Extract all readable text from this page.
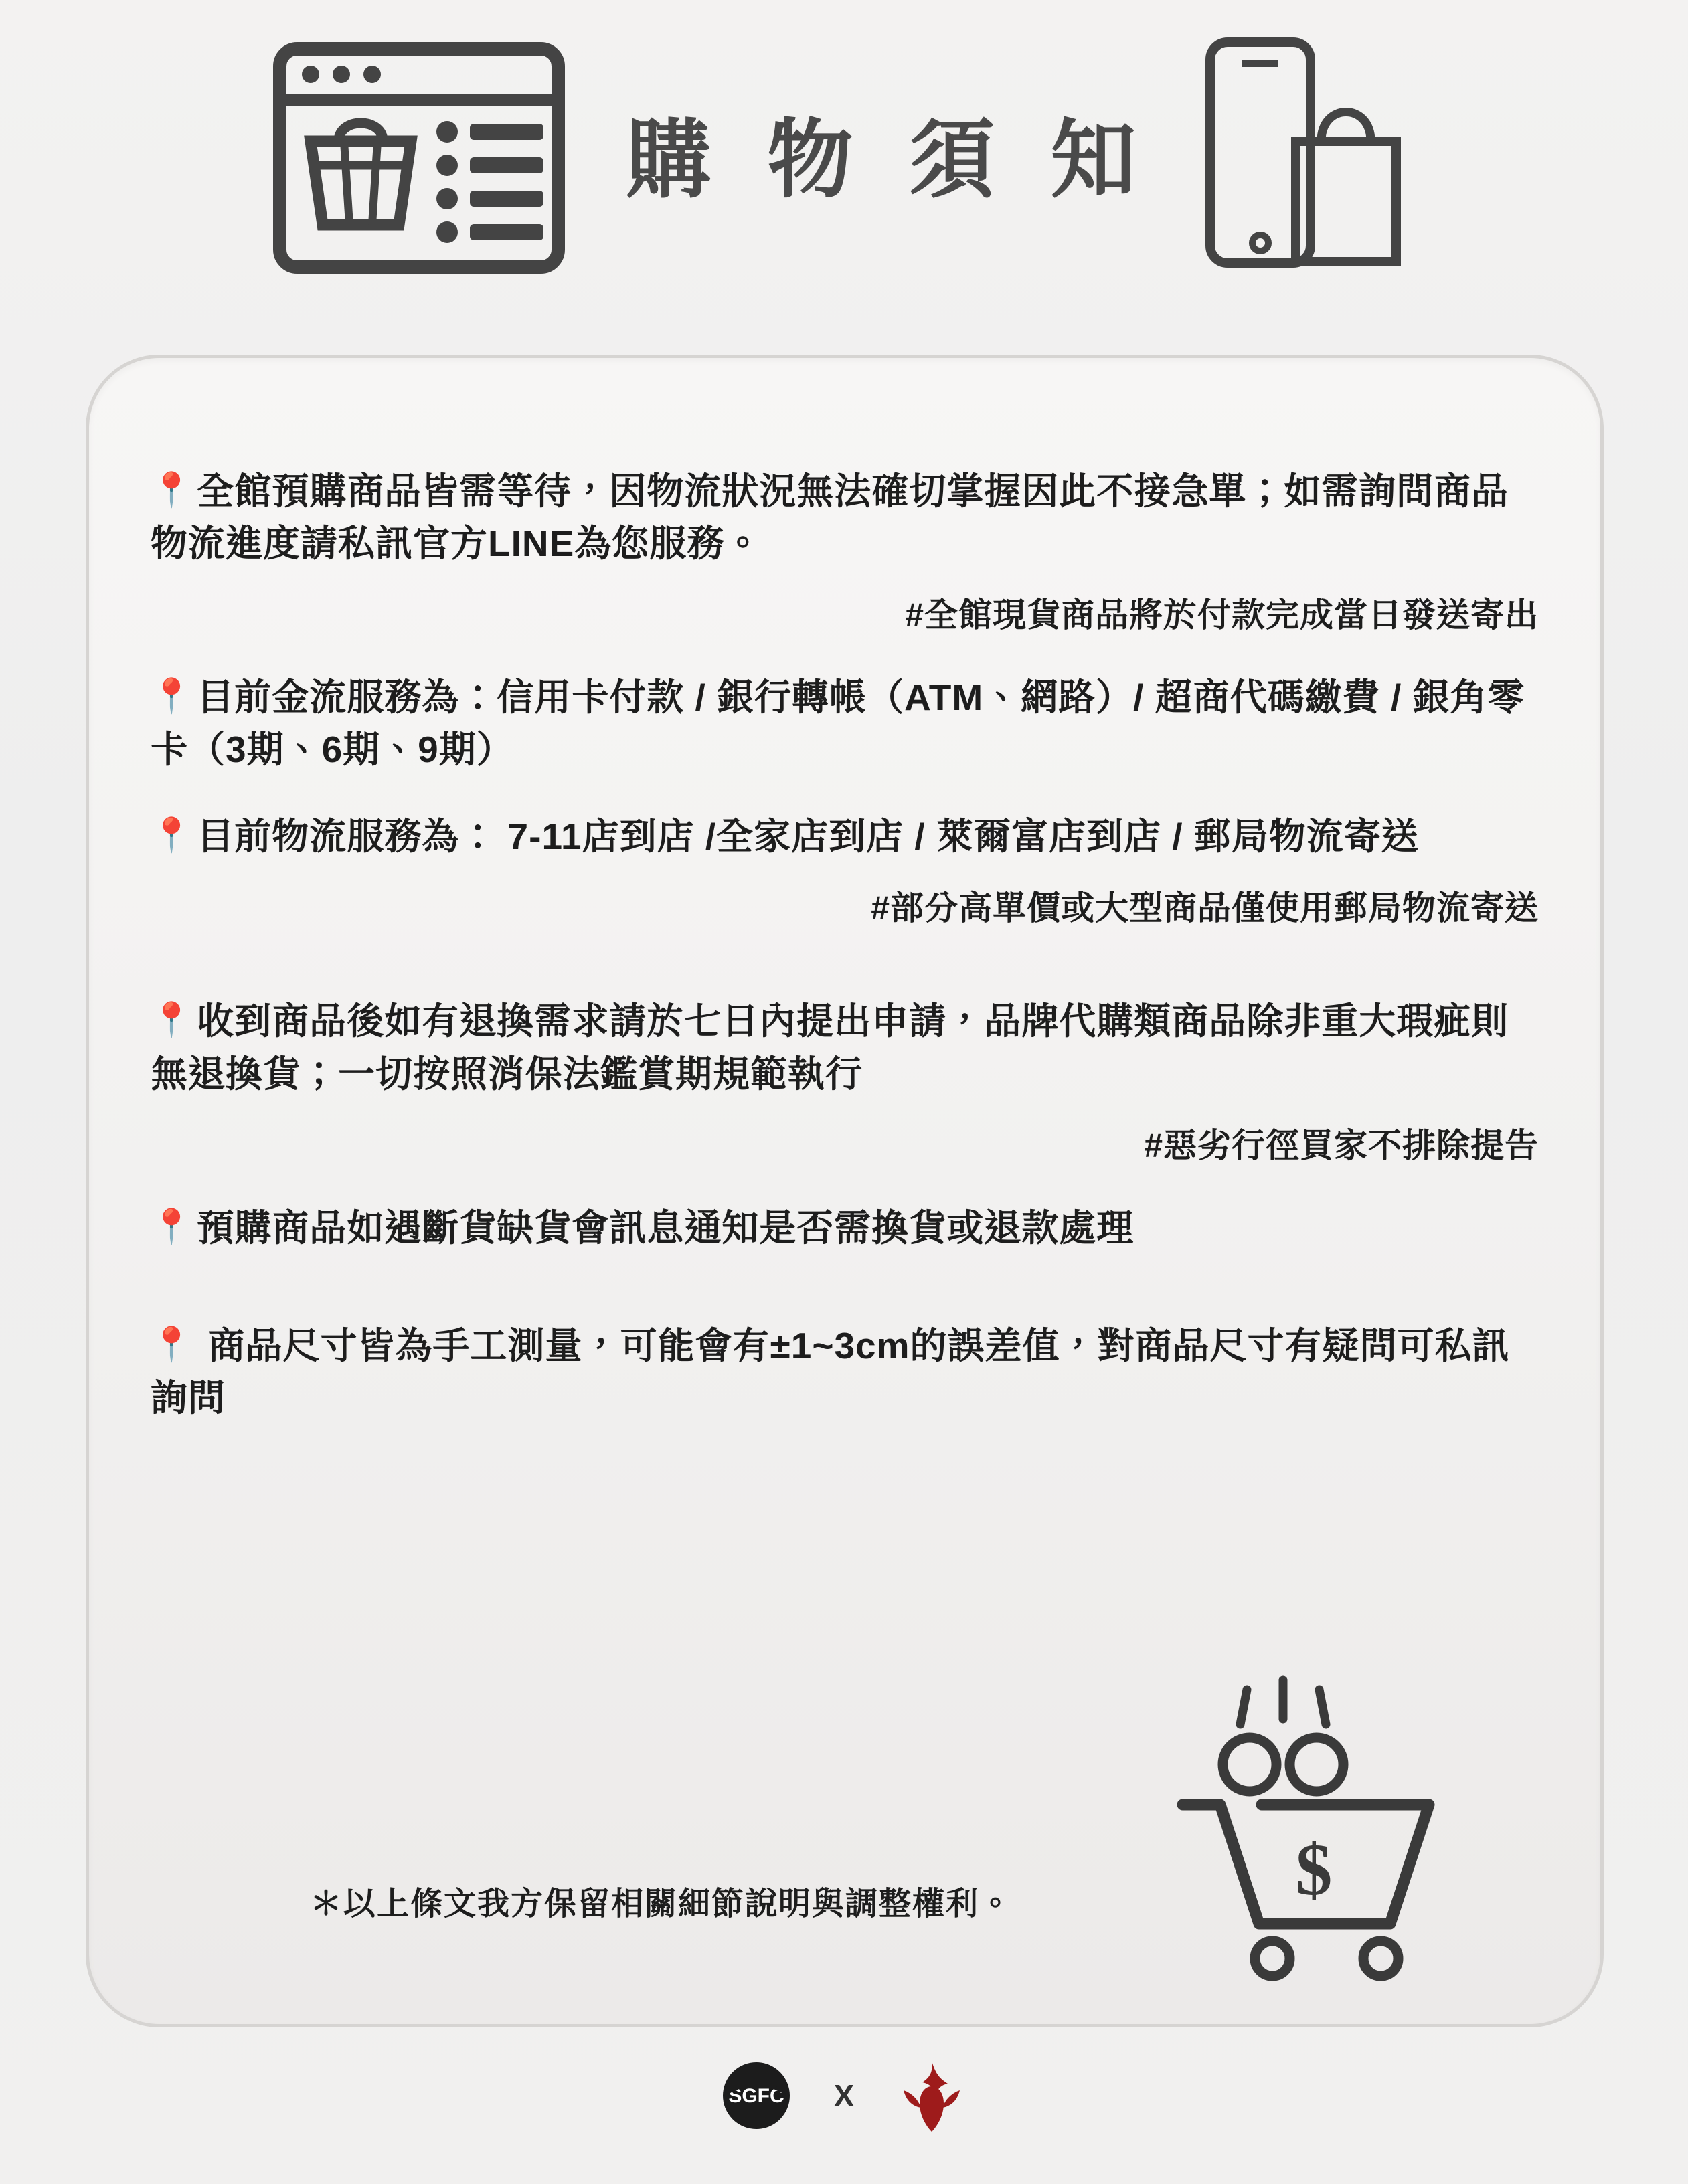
購 物 須 知
📍 全館預購商品皆需等待，因物流狀況無法確切掌握因此不接急單；如需詢問商品物流進度請私訊官方LINE為您服務。
#全館現貨商品將於付款完成當日發送寄出
📍 目前金流服務為：信用卡付款 / 銀行轉帳（ATM、網路）/ 超商代碼繳費 / 銀角零卡（3期、6期、9期）
📍 目前物流服務為： 7-11店到店 /全家店到店 / 萊爾富店到店 / 郵局物流寄送
#部分高單價或大型商品僅使用郵局物流寄送
📍 收到商品後如有退換需求請於七日內提出申請，品牌代購類商品除非重大瑕疵則無退換貨；一切按照消保法鑑賞期規範執行
#惡劣行徑買家不排除提告
📍 預購商品如遇斷貨缺貨會訊息通知是否需換貨或退款處理
📍 商品尺寸皆為手工測量，可能會有±1~3cm的誤差值，對商品尺寸有疑問可私訊詢問
$
＊以上條文我方保留相關細節說明與調整權利。
SGFC X
